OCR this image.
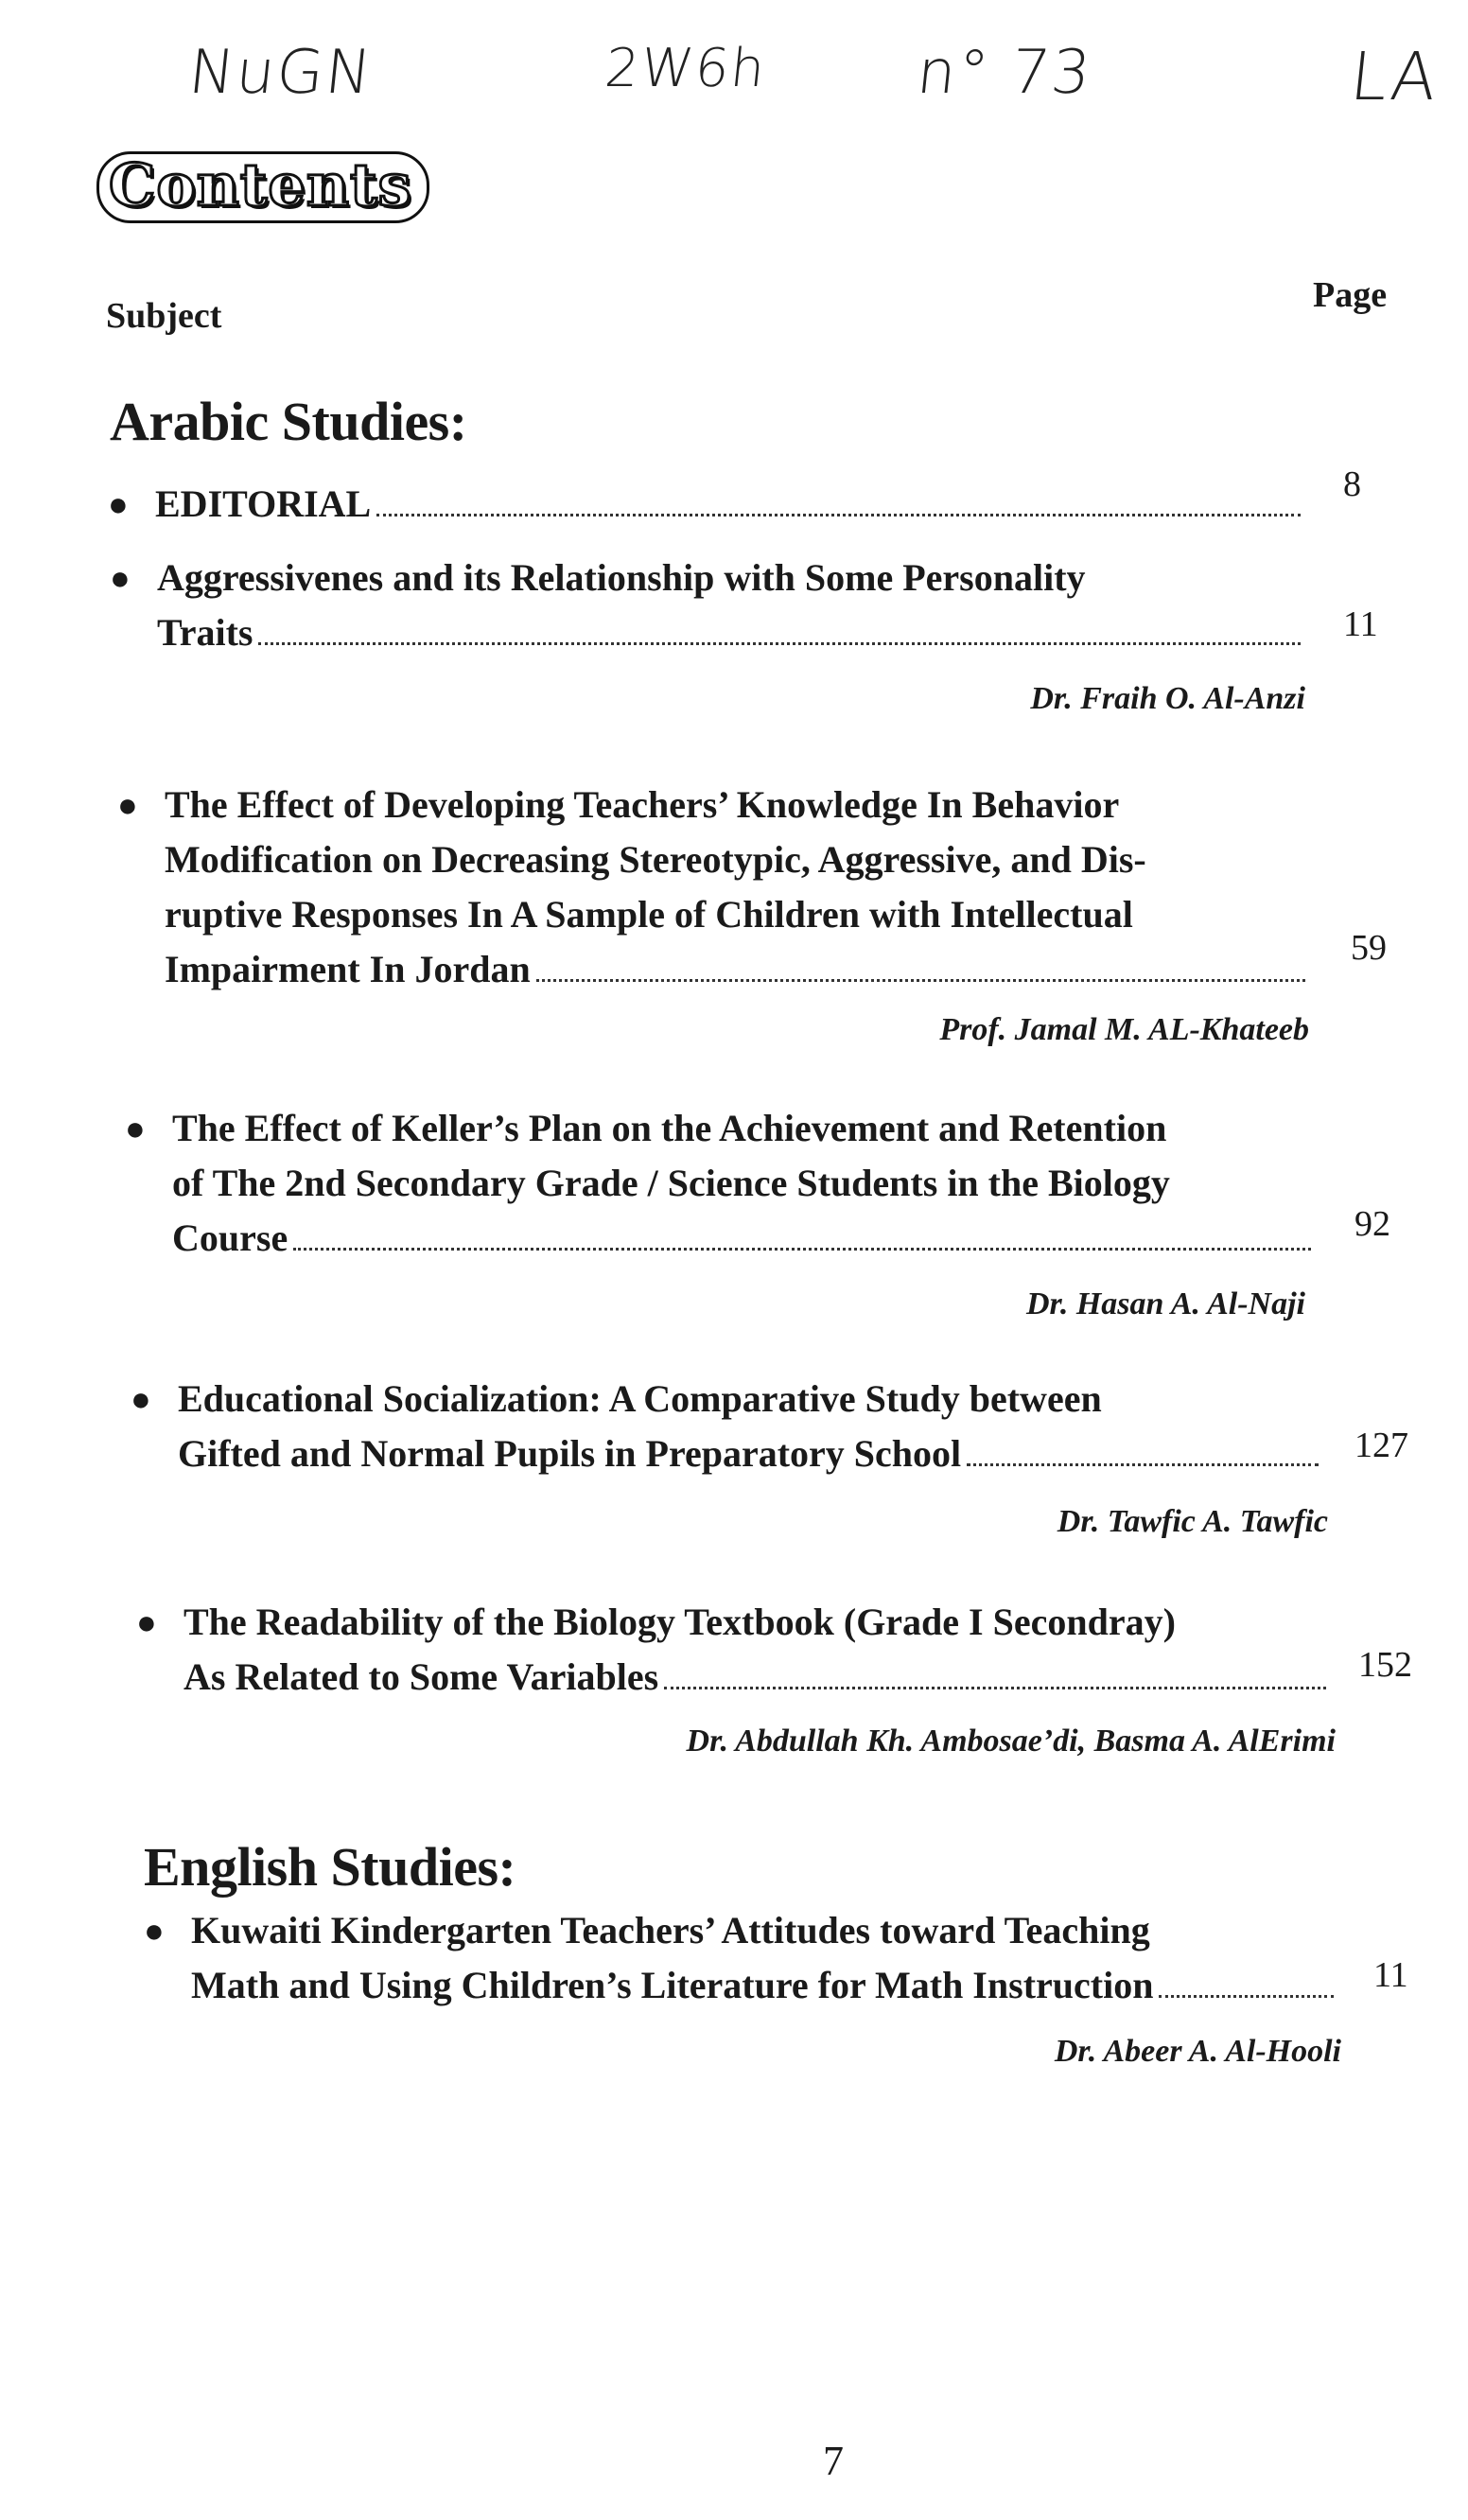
NuGN	2W6h n° 73	LA
Contents
Subject
Page
Arabic Studies:
● EDITORIAL	8
● Aggressivenes and its Relationship with Some Personality
Traits	11
Dr. Fraih O. Al-Anzi
● The Effect of Developing Teachers’ Knowledge In Behavior
Modification on Decreasing Stereotypic, Aggressive, and Dis-
ruptive Responses In A Sample of Children with Intellectual
Impairment In Jordan	59
Prof. Jamal M. AL-Khateeb
● The Effect of Keller’s Plan on the Achievement and Retention
of The 2nd Secondary Grade / Science Students in the Biology
Course	92
Dr. Hasan A. Al-Naji
● Educational Socialization: A Comparative Study between
Gifted and Normal Pupils in Preparatory School	127
Dr. Tawfic A. Tawfic
● The Readability of the Biology Textbook (Grade I Secondray)
As Related to Some Variables	152
Dr. Abdullah Kh. Ambosae’di, Basma A. AlErimi
English Studies:
● Kuwaiti Kindergarten Teachers’ Attitudes toward Teaching
Math and Using Children’s Literature for Math Instruction	11
Dr. Abeer A. Al-Hooli
7
